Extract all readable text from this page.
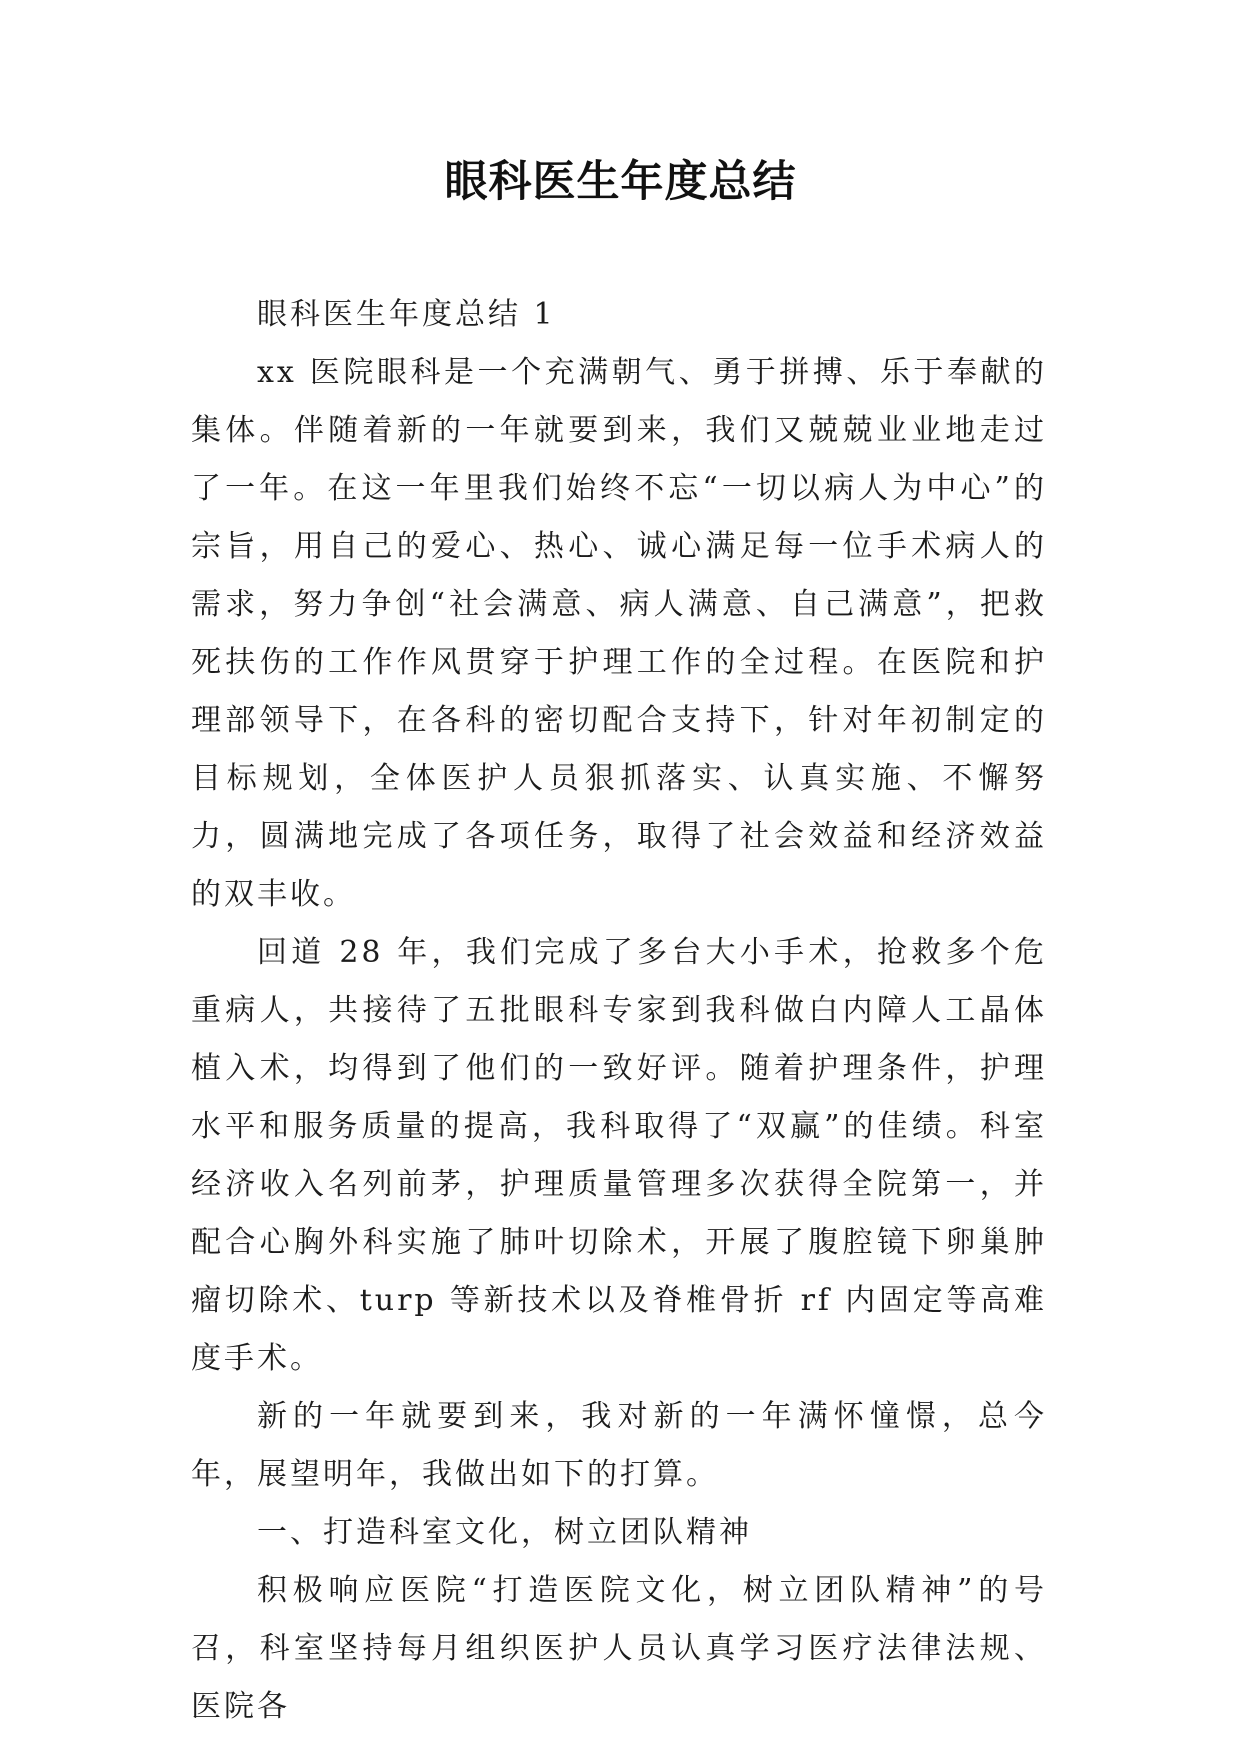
眼科医生年度总结

眼科医生年度总结 1

xx 医院眼科是一个充满朝气、勇于拼搏、乐于奉献的集体。伴随着新的一年就要到来，我们又兢兢业业地走过了一年。在这一年里我们始终不忘“一切以病人为中心”的宗旨，用自己的爱心、热心、诚心满足每一位手术病人的需求，努力争创“社会满意、病人满意、自己满意”，把救死扶伤的工作作风贯穿于护理工作的全过程。在医院和护理部领导下，在各科的密切配合支持下，针对年初制定的目标规划，全体医护人员狠抓落实、认真实施、不懈努力，圆满地完成了各项任务，取得了社会效益和经济效益的双丰收。

回道 28 年，我们完成了多台大小手术，抢救多个危重病人，共接待了五批眼科专家到我科做白内障人工晶体植入术，均得到了他们的一致好评。随着护理条件，护理水平和服务质量的提高，我科取得了“双赢”的佳绩。科室经济收入名列前茅，护理质量管理多次获得全院第一，并配合心胸外科实施了肺叶切除术，开展了腹腔镜下卵巢肿瘤切除术、turp 等新技术以及脊椎骨折 rf 内固定等高难度手术。

新的一年就要到来，我对新的一年满怀憧憬，总今年，展望明年，我做出如下的打算。

一、打造科室文化，树立团队精神

积极响应医院“打造医院文化，树立团队精神”的号召，科室坚持每月组织医护人员认真学习医疗法律法规、医院各
